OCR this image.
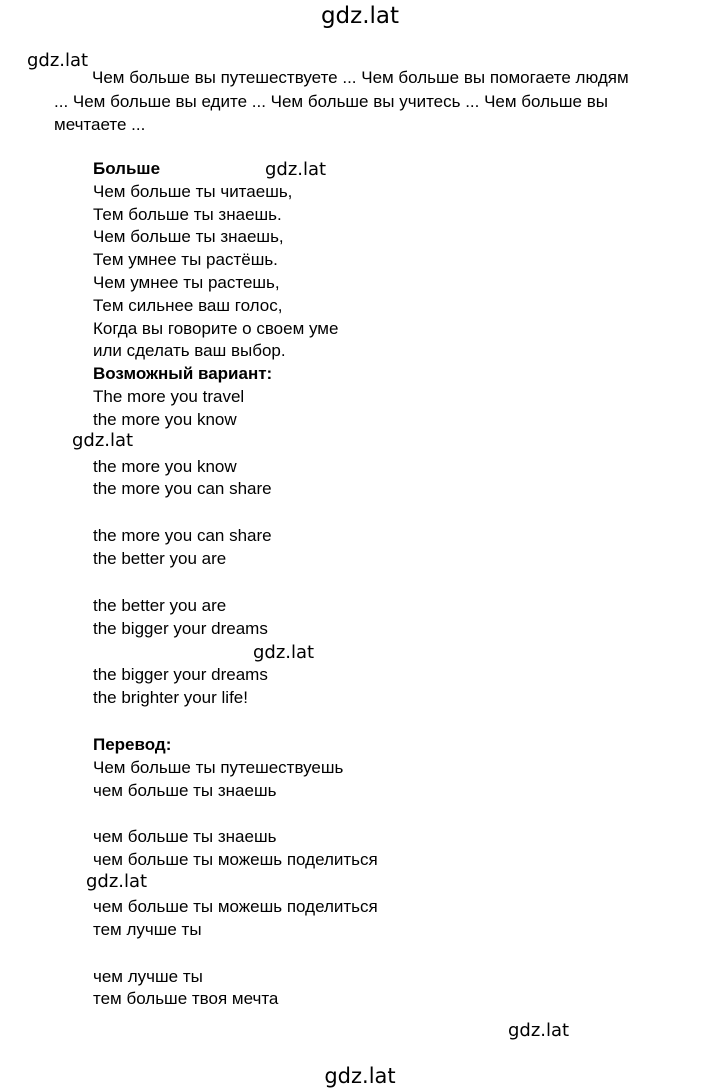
gdz.lat
gdz.lat
Чем больше вы путешествуете ... Чем больше вы помогаете людям ... Чем больше вы едите ... Чем больше вы учитесь ... Чем больше вы мечтаете ...
Больше
Чем больше ты читаешь,
Тем больше ты знаешь.
Чем больше ты знаешь,
Тем умнее ты растёшь.
Чем умнее ты растешь,
Тем сильнее ваш голос,
Когда вы говорите о своем уме
или сделать ваш выбор.
Возможный вариант:
The more you travel
the more you know
the more you know
the more you can share
the more you can share
the better you are
the better you are
the bigger your dreams
the bigger your dreams
the brighter your life!
Перевод:
Чем больше ты путешествуешь
чем больше ты знаешь
чем больше ты знаешь
чем больше ты можешь поделиться
чем больше ты можешь поделиться
тем лучше ты
чем лучше ты
тем больше твоя мечта
gdz.lat
gdz.lat
gdz.lat
gdz.lat
gdz.lat
gdz.lat
